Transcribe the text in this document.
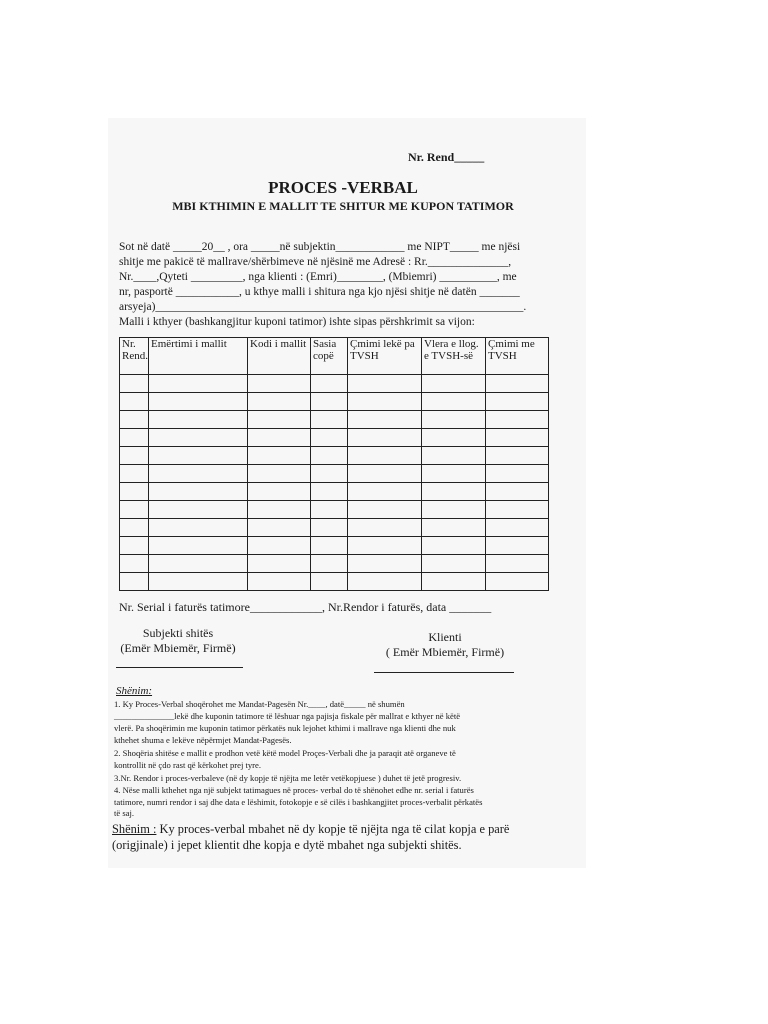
Nr. Rend_____
PROCES -VERBAL
MBI KTHIMIN E MALLIT TE SHITUR ME KUPON TATIMOR
Sot në datë _____20__ , ora _____në subjektin____________ me NIPT_____ me njësi
shitje me pakicë të mallrave/shërbimeve në njësinë me Adresë : Rr.______________,
Nr.____,Qyteti _________, nga klienti : (Emri)________, (Mbiemri) __________, me
nr, pasportë ___________, u kthye malli i shitura nga kjo njësi shitje në datën _______
arsyeja)________________________________________________________________.
Malli i kthyer (bashkangjitur kuponi tatimor) ishte sipas përshkrimit sa vijon:
Nr. Rend.	Emërtimi i mallit	Kodi i mallit	Sasia copë	Çmimi lekë pa TVSH	Vlera e llog. e TVSH-së	Çmimi me TVSH

Nr. Serial i faturës tatimore____________, Nr.Rendor i faturës, data _______
Subjekti shitës
(Emër Mbiemër, Firmë)
Klienti
( Emër Mbiemër, Firmë)
Shënim:
1. Ky Proces-Verbal shoqërohet me Mandat-Pagesën Nr.____, datë_____ në shumën
______________lekë dhe kuponin tatimore të lëshuar nga pajisja fiskale për mallrat e kthyer në këtë
vlerë. Pa shoqërimin me kuponin tatimor përkatës nuk lejohet kthimi i mallrave nga klienti dhe nuk
kthehet shuma e lekëve nëpërmjet Mandat-Pagesës.
2. Shoqëria shitëse e mallit e prodhon vetë këtë model Proçes-Verbali dhe ja paraqit atë organeve të
kontrollit në çdo rast që kërkohet prej tyre.
3.Nr. Rendor i proces-verbaleve (në dy kopje të njëjta me letër vetëkopjuese ) duhet të jetë progresiv.
4. Nëse malli kthehet nga një subjekt tatimagues në proces- verbal do të shënohet edhe nr. serial i faturës
tatimore, numri rendor i saj dhe data e lëshimit, fotokopje e së cilës i bashkangjitet proces-verbalit përkatës
të saj.
Shënim : Ky proces-verbal mbahet në dy kopje të njëjta nga të cilat kopja e parë
(origjinale) i jepet klientit dhe kopja e dytë mbahet nga subjekti shitës.
